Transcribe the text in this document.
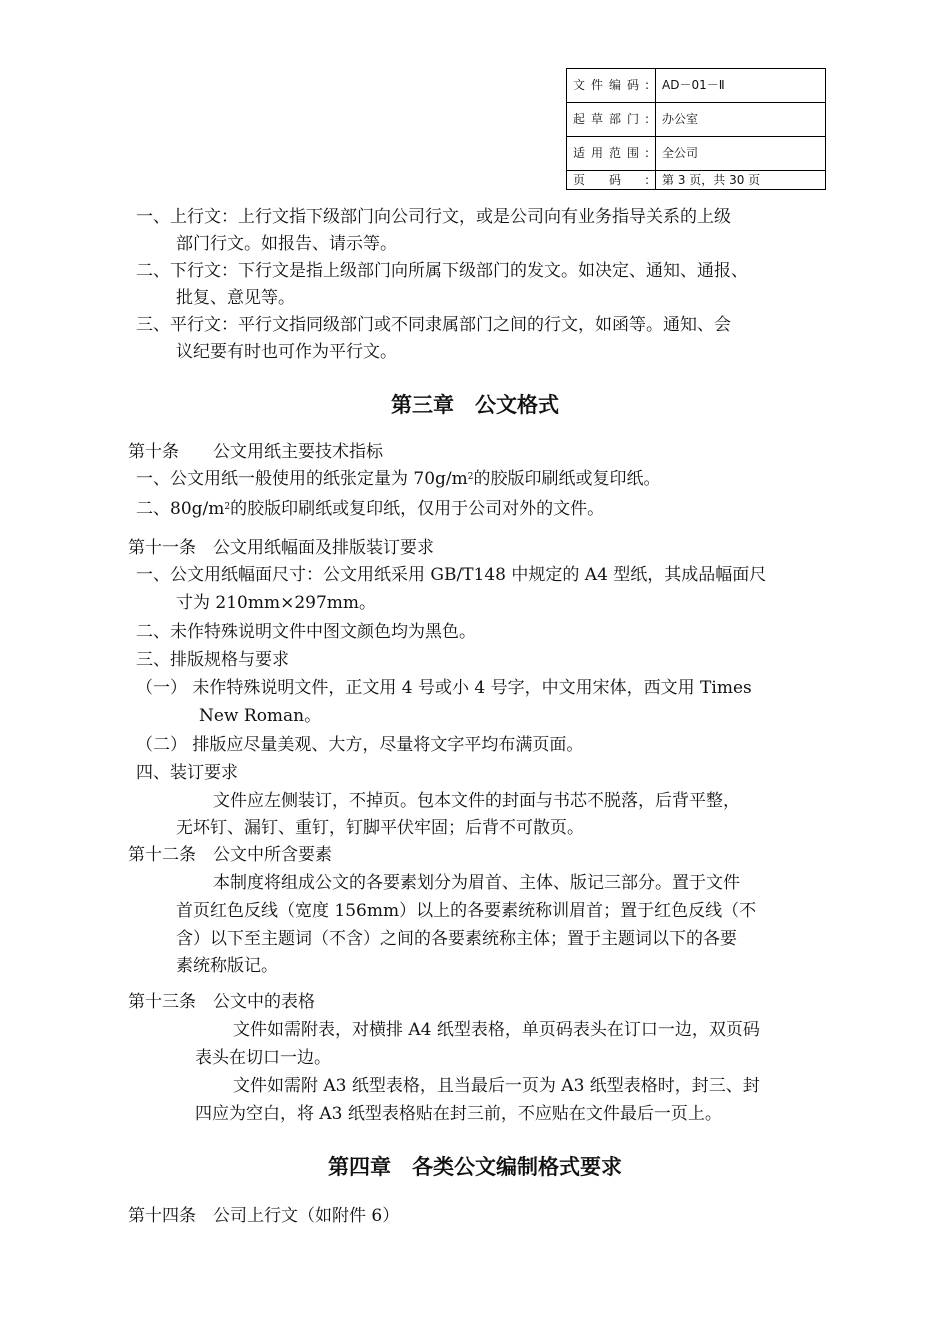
文件编码:	AD－01－Ⅱ
起草部门:	办公室
适用范围:	全公司
页码:	第 3 页，共 30 页
一、上行文：上行文指下级部门向公司行文，或是公司向有业务指导关系的上级
部门行文。如报告、请示等。
二、下行文：下行文是指上级部门向所属下级部门的发文。如决定、通知、通报、
批复、意见等。
三、平行文：平行文指同级部门或不同隶属部门之间的行文，如函等。通知、会
议纪要有时也可作为平行文。
第三章　公文格式
第十条　　公文用纸主要技术指标
一、公文用纸一般使用的纸张定量为 $70g/m^2$的胶版印刷纸或复印纸。
二、$80g/m^2$的胶版印刷纸或复印纸，仅用于公司对外的文件。
第十一条　公文用纸幅面及排版装订要求
一、公文用纸幅面尺寸：公文用纸采用 GB/T148 中规定的 A4 型纸，其成品幅面尺
寸为 210mm×297mm。
二、未作特殊说明文件中图文颜色均为黑色。
三、排版规格与要求
（一） 未作特殊说明文件，正文用 4 号或小 4 号字，中文用宋体，西文用 Times
New Roman。
（二） 排版应尽量美观、大方，尽量将文字平均布满页面。
四、装订要求
文件应左侧装订，不掉页。包本文件的封面与书芯不脱落，后背平整，
无坏钉、漏钉、重钉，钉脚平伏牢固；后背不可散页。
第十二条　公文中所含要素
本制度将组成公文的各要素划分为眉首、主体、版记三部分。置于文件
首页红色反线（宽度 156mm）以上的各要素统称训眉首；置于红色反线（不
含）以下至主题词（不含）之间的各要素统称主体；置于主题词以下的各要
素统称版记。
第十三条　公文中的表格
文件如需附表，对横排 A4 纸型表格，单页码表头在订口一边，双页码
表头在切口一边。
文件如需附 A3 纸型表格，且当最后一页为 A3 纸型表格时，封三、封
四应为空白，将 A3 纸型表格贴在封三前，不应贴在文件最后一页上。
第四章　各类公文编制格式要求
第十四条　公司上行文（如附件 6）
